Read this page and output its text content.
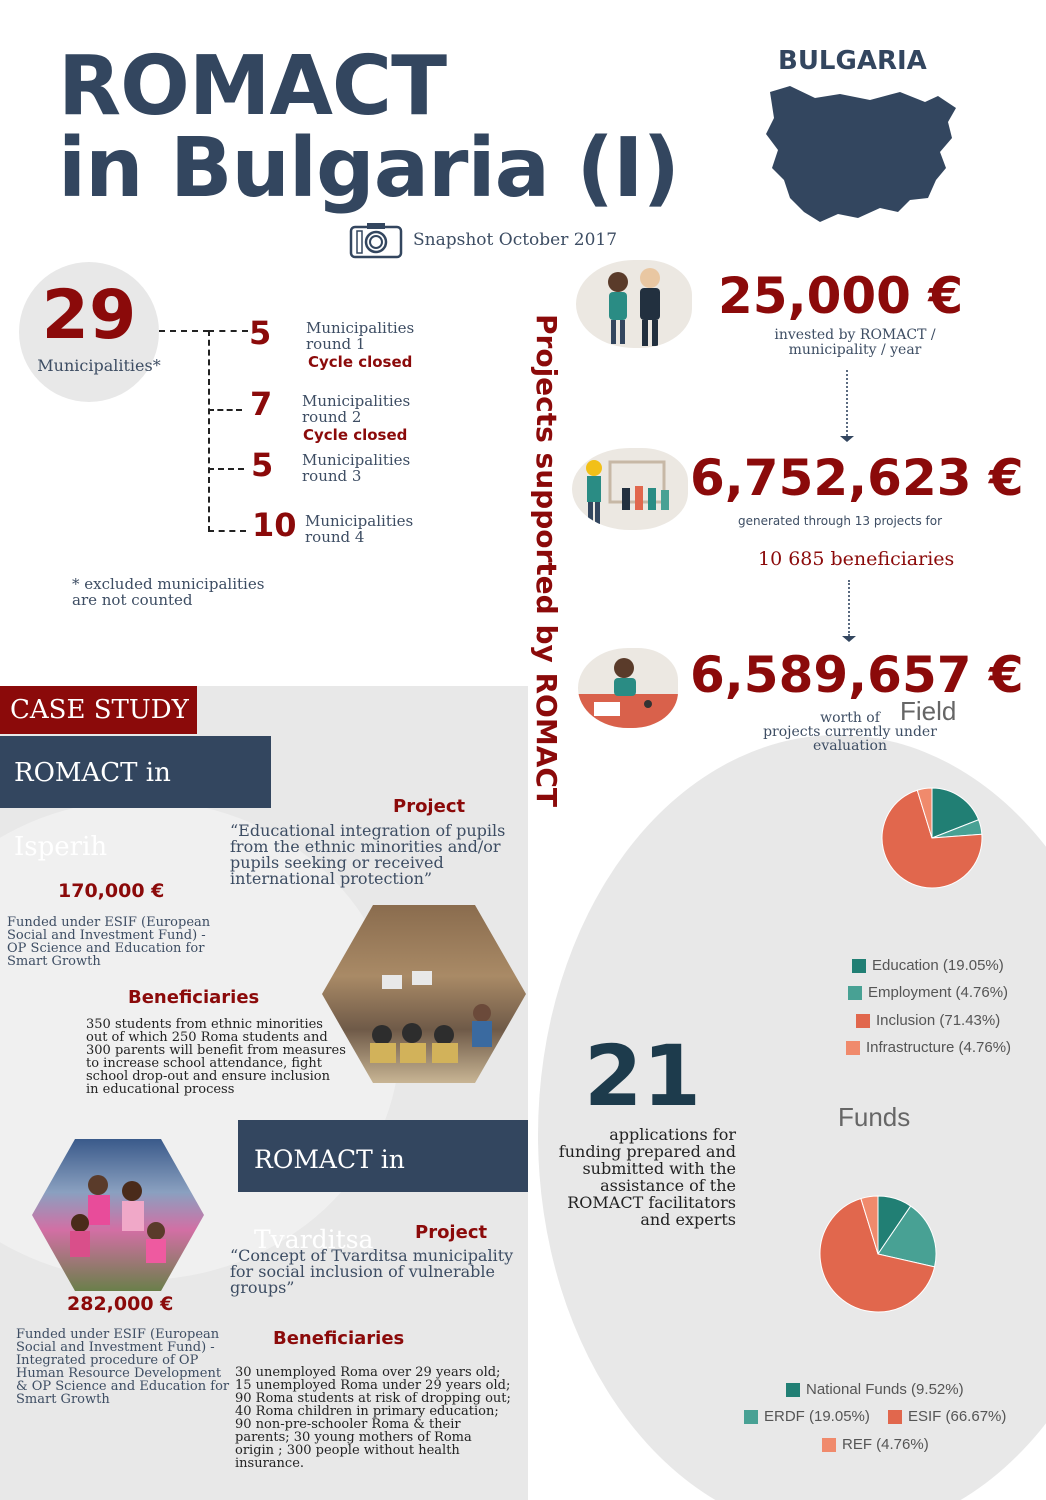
ROMACT
in Bulgaria (I)
BULGARIA
Snapshot October 2017
29
Municipalities*
5 Municipalities
round 1
Cycle closed
7 Municipalities
round 2
Cycle closed
5 Municipalities
round 3
10 Municipalities
round 4
* excluded municipalities
are not counted	Projects supported by ROMACT
25,000 €
invested by ROMACT /
municipality / year
6,752,623 €
generated through 13 projects for
10 685 beneficiaries
6,589,657 €
worth of
projects currently under
evaluation
Field
Education (19.05%)
Employment (4.76%)
Inclusion (71.43%)
Infrastructure (4.76%)
21
applications for
funding prepared and
submitted with the
assistance of the
ROMACT facilitators
and experts
Funds
National Funds (9.52%)
ERDF (19.05%)	ESIF (66.67%)
REF (4.76%)
CASE STUDY
ROMACT in Isperih
Project
“Educational integration of pupils
from the ethnic minorities and/or
pupils seeking or received
international protection”
170,000 €
Funded under ESIF (European
Social and Investment Fund) -
OP Science and Education for
Smart Growth
Beneficiaries
350 students from ethnic minorities
out of which 250 Roma students and
300 parents will benefit from measures
to increase school attendance, fight
school drop-out and ensure inclusion
in educational process
ROMACT in Tvarditsa	Project
“Concept of Tvarditsa municipality
for social inclusion of vulnerable
groups”
282,000 €
Funded under ESIF (European
Social and Investment Fund) -
Integrated procedure of OP
Human Resource Development
& OP Science and Education for
Smart Growth
Beneficiaries
30 unemployed Roma over 29 years old;
15 unemployed Roma under 29 years old;
90 Roma students at risk of dropping out;
40 Roma children in primary education;
90 non-pre-schooler Roma & their
parents; 30 young mothers of Roma
origin ; 300 people without health
insurance.
